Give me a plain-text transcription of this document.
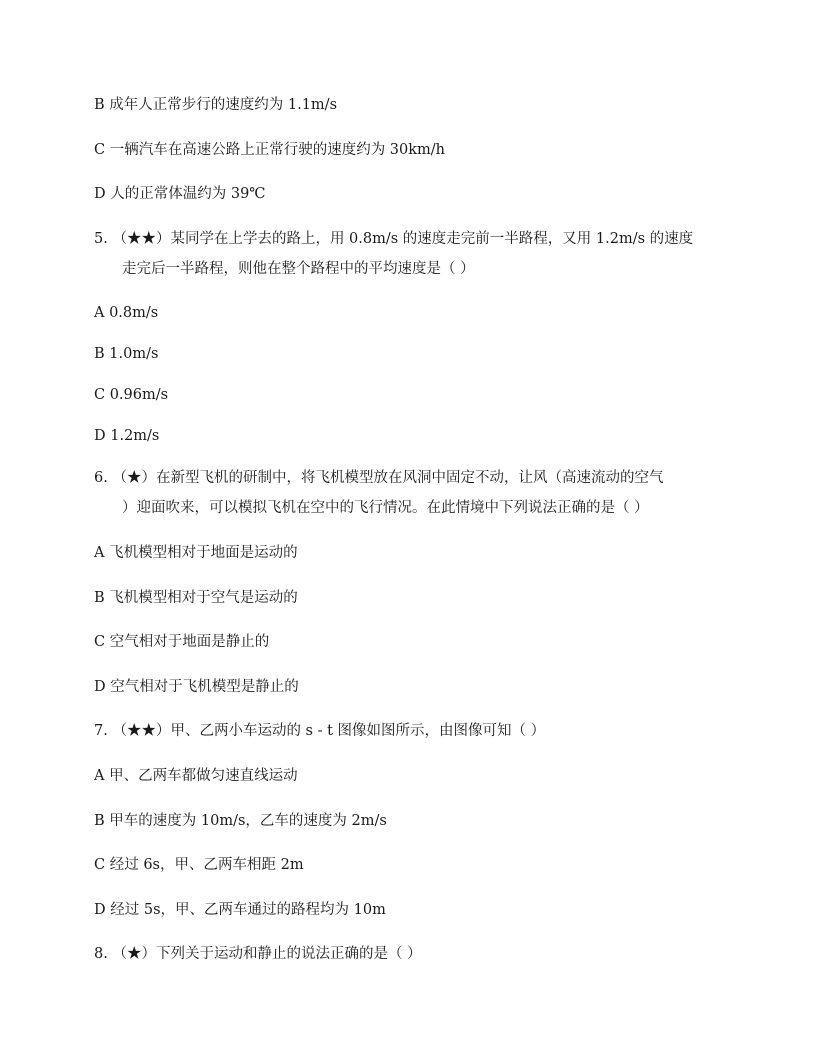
B 成年人正常步行的速度约为 1.1m/s
C 一辆汽车在高速公路上正常行驶的速度约为 30km/h
D 人的正常体温约为 39℃
5. （★★）某同学在上学去的路上，用 0.8m/s 的速度走完前一半路程，又用 1.2m/s 的速度
走完后一半路程，则他在整个路程中的平均速度是（ ）
A 0.8m/s
B 1.0m/s
C 0.96m/s
D 1.2m/s
6. （★）在新型飞机的研制中，将飞机模型放在风洞中固定不动，让风（高速流动的空气
）迎面吹来，可以模拟飞机在空中的飞行情况。在此情境中下列说法正确的是（ ）
A 飞机模型相对于地面是运动的
B 飞机模型相对于空气是运动的
C 空气相对于地面是静止的
D 空气相对于飞机模型是静止的
7. （★★）甲、乙两小车运动的 s - t 图像如图所示，由图像可知（ ）
A 甲、乙两车都做匀速直线运动
B 甲车的速度为 10m/s，乙车的速度为 2m/s
C 经过 6s，甲、乙两车相距 2m
D 经过 5s，甲、乙两车通过的路程均为 10m
8. （★）下列关于运动和静止的说法正确的是（ ）
